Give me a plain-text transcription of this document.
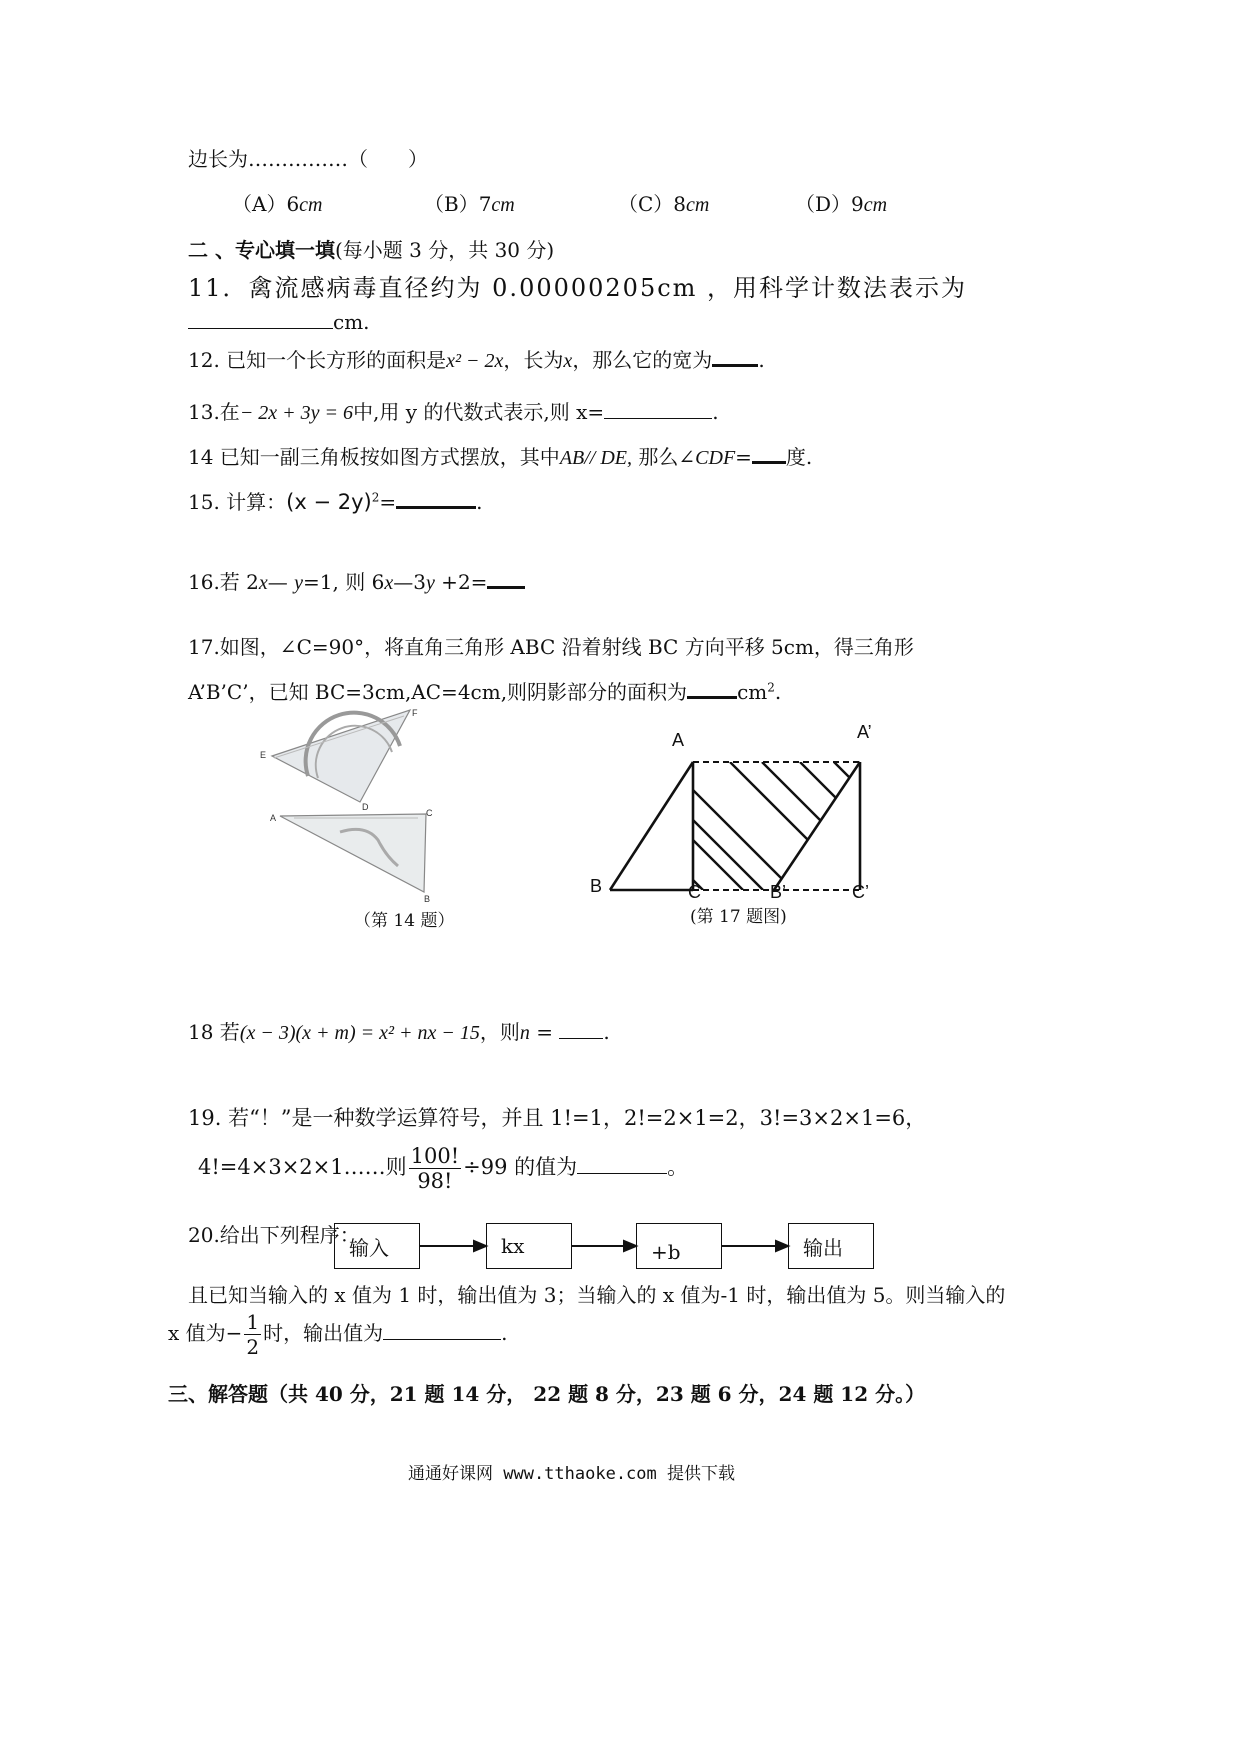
边长为……………（　　）
（A）6cm	（B）7cm	（C）8cm	（D）9cm
二 、专心填一填(每小题 3 分，共 30 分)
11．禽流感病毒直径约为 0.00000205cm ，用科学计数法表示为
cm.
12. 已知一个长方形的面积是x² − 2x，长为x，那么它的宽为 .
13.在− 2x + 3y = 6中,用 y 的代数式表示,则 x=	.
14 已知一副三角板按如图方式摆放，其中AB// DE, 那么∠CDF= 度.
15. 计算：$(x - 2y)^2=$	.
16.若 2x— y=1, 则 6x—3y +2=
17.如图，∠C=90°，将直角三角形 ABC 沿着射线 BC 方向平移 5cm，得三角形
A’B’C’，已知 BC=3cm,AC=4cm,则阴影部分的面积为	$cm^2$.
E
F
D
A	C
B
（第 14 题）
A	A’
B	C	B’	C’
(第 17 题图)
18 若(x − 3)(x + m) = x² + nx − 15，则n = .
19. 若“！”是一种数学运算符号，并且 1!=1，2!=2×1=2，3!=3×2×1=6，
4!=4×3×2×1……则 $\frac{100!}{98!} \div 99$ 的值为	。
20.给出下列程序：
输入	kx	+b	输出
且已知当输入的 x 值为 1 时，输出值为 3；当输入的 x 值为-1 时，输出值为 5。则当输入的
x 值为− $\frac{1}{2}$ 时，输出值为	.
三、解答题（共 40 分，21 题 14 分， 22 题 8 分，23 题 6 分，24 题 12 分。）
通通好课网 www.tthaoke.com 提供下载
